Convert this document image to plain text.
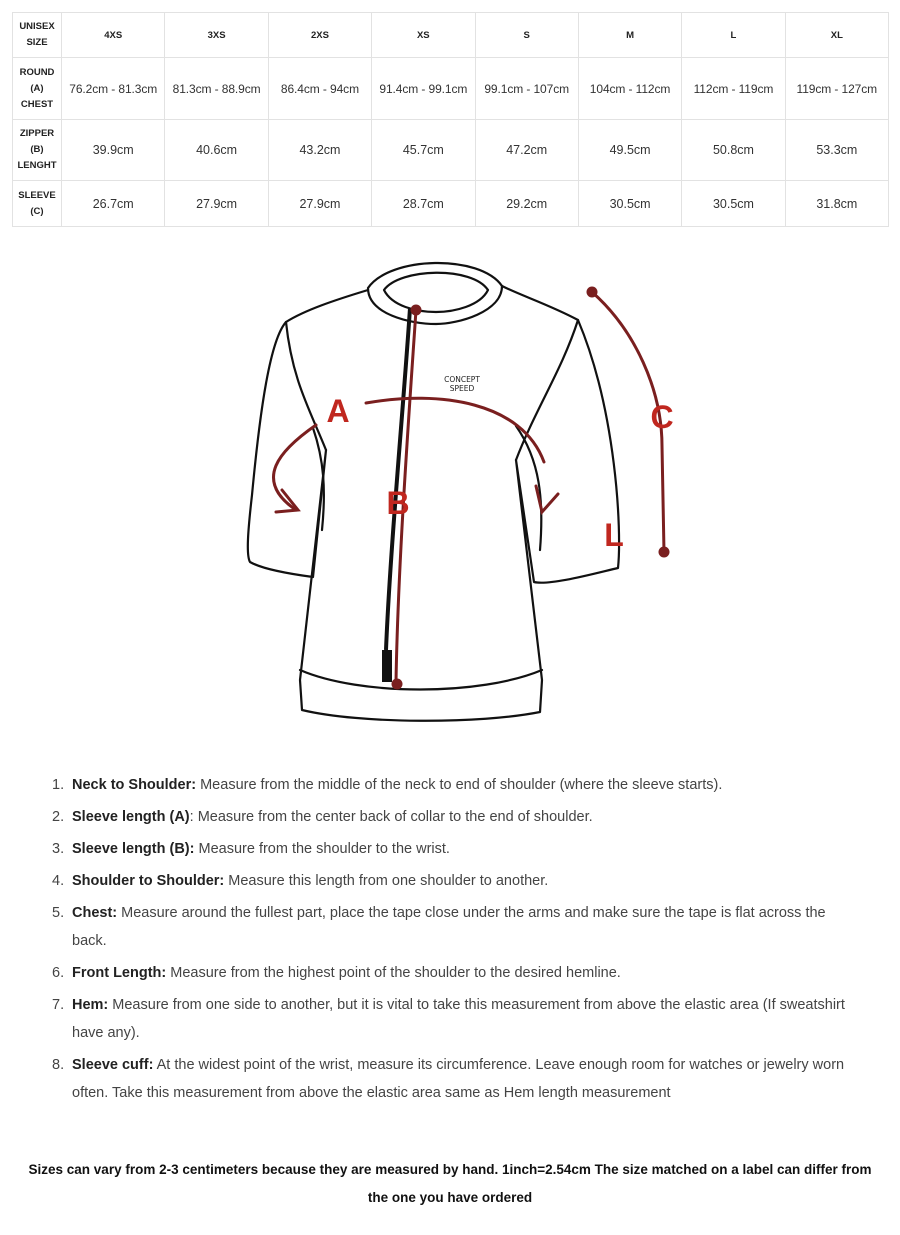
UNISEX
SIZE	4XS	3XS	2XS	XS	S	M	L	XL

ROUND
(A)
CHEST	76.2cm - 81.3cm	81.3cm - 88.9cm	86.4cm - 94cm	91.4cm - 99.1cm	99.1cm - 107cm	104cm - 112cm	112cm - 119cm	119cm - 127cm

ZIPPER
(B)
LENGHT	39.9cm	40.6cm	43.2cm	45.7cm	47.2cm	49.5cm	50.8cm	53.3cm

SLEEVE
(C)	26.7cm	27.9cm	27.9cm	28.7cm	29.2cm	30.5cm	30.5cm	31.8cm
CONCEPT
SPEED
A
B
C
L
1. Neck to Shoulder: Measure from the middle of the neck to end of shoulder (where the sleeve starts).
2. Sleeve length (A): Measure from the center back of collar to the end of shoulder.
3. Sleeve length (B): Measure from the shoulder to the wrist.
4. Shoulder to Shoulder: Measure this length from one shoulder to another.
5. Chest: Measure around the fullest part, place the tape close under the arms and make sure the tape is flat across the back.
6. Front Length: Measure from the highest point of the shoulder to the desired hemline.
7. Hem: Measure from one side to another, but it is vital to take this measurement from above the elastic area (If sweatshirt have any).
8. Sleeve cuff: At the widest point of the wrist, measure its circumference. Leave enough room for watches or jewelry worn often. Take this measurement from above the elastic area same as Hem length measurement

Sizes can vary from 2-3 centimeters because they are measured by hand. 1inch=2.54cm The size matched on a label can differ from the one you have ordered
